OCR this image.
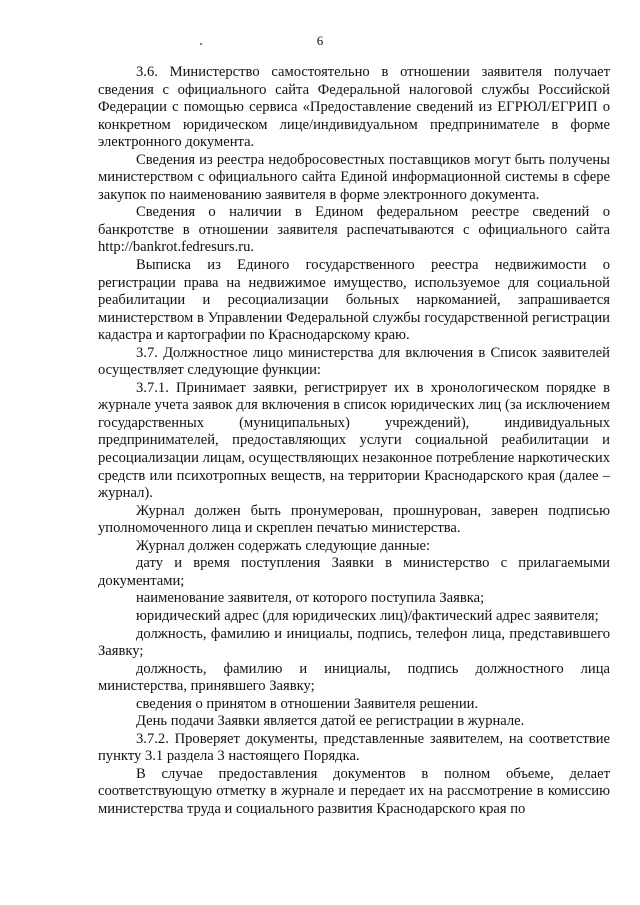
6

3.6. Министерство самостоятельно в отношении заявителя получает сведения с официального сайта Федеральной налоговой службы Российской Федерации с помощью сервиса «Предоставление сведений из ЕГРЮЛ/ЕГРИП о конкретном юридическом лице/индивидуальном предпринимателе в форме электронного документа.

Сведения из реестра недобросовестных поставщиков могут быть получены министерством с официального сайта Единой информационной системы в сфере закупок по наименованию заявителя в форме электронного документа.

Сведения о наличии в Едином федеральном реестре сведений о банкротстве в отношении заявителя распечатываются с официального сайта http://bankrot.fedresurs.ru.

Выписка из Единого государственного реестра недвижимости о регистрации права на недвижимое имущество, используемое для социальной реабилитации и ресоциализации больных наркоманией, запрашивается министерством в Управлении Федеральной службы государственной регистрации кадастра и картографии по Краснодарскому краю.

3.7. Должностное лицо министерства для включения в Список заявителей осуществляет следующие функции:

3.7.1. Принимает заявки, регистрирует их в хронологическом порядке в журнале учета заявок для включения в список юридических лиц (за исключением государственных (муниципальных) учреждений), индивидуальных предпринимателей, предоставляющих услуги социальной реабилитации и ресоциализации лицам, осуществляющих незаконное потребление наркотических средств или психотропных веществ, на территории Краснодарского края (далее – журнал).

Журнал должен быть пронумерован, прошнурован, заверен подписью уполномоченного лица и скреплен печатью министерства.

Журнал должен содержать следующие данные:

дату и время поступления Заявки в министерство с прилагаемыми документами;

наименование заявителя, от которого поступила Заявка;

юридический адрес (для юридических лиц)/фактический адрес заявителя;

должность, фамилию и инициалы, подпись, телефон лица, представившего Заявку;

должность, фамилию и инициалы, подпись должностного лица министерства, принявшего Заявку;

сведения о принятом в отношении Заявителя решении.

День подачи Заявки является датой ее регистрации в журнале.

3.7.2. Проверяет документы, представленные заявителем, на соответствие пункту 3.1 раздела 3 настоящего Порядка.

В случае предоставления документов в полном объеме, делает соответствующую отметку в журнале и передает их на рассмотрение в комиссию министерства труда и социального развития Краснодарского края по
